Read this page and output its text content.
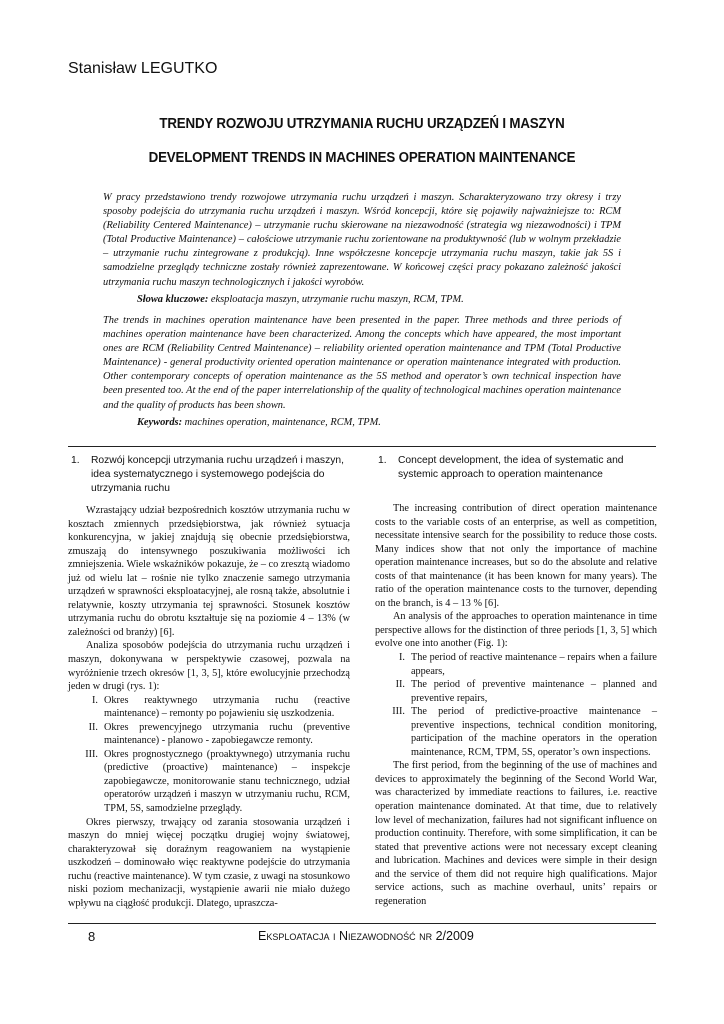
Stanisław LEGUTKO
TRENDY ROZWOJU UTRZYMANIA RUCHU URZĄDZEŃ I MASZYN
DEVELOPMENT TRENDS IN MACHINES OPERATION MAINTENANCE

W pracy przedstawiono trendy rozwojowe utrzymania ruchu urządzeń i maszyn. Scharakteryzowano trzy okresy i trzy sposoby podejścia do utrzymania ruchu urządzeń i maszyn. Wśród koncepcji, które się pojawiły najważniejsze to: RCM (Reliability Centered Maintenance) – utrzymanie ruchu skierowane na niezawodność (strategia wg niezawodności) i TPM (Total Productive Maintenance) – całościowe utrzymanie ruchu zorientowane na produktywność (lub w wolnym przekładzie – utrzymanie ruchu zintegrowane z produkcją). Inne współczesne koncepcje utrzymania ruchu maszyn, takie jak 5S i samodzielne przeglądy techniczne zostały również zaprezentowane. W końcowej części pracy pokazano zależność jakości utrzymania ruchu maszyn technologicznych i jakości wyrobów.

Słowa kluczowe: eksploatacja maszyn, utrzymanie ruchu maszyn, RCM, TPM.

The trends in machines operation maintenance have been presented in the paper. Three methods and three periods of machines operation maintenance have been characterized. Among the concepts which have appeared, the most important ones are RCM (Reliability Centred Maintenance) – reliability oriented operation maintenance and TPM (Total Productive Maintenance) - general productivity oriented operation maintenance or operation maintenance integrated with production. Other contemporary concepts of operation maintenance as the 5S method and operator’s own technical inspection have been presented too. At the end of the paper interrelationship of the quality of technological machines operation maintenance and the quality of products has been shown.

Keywords: machines operation, maintenance, RCM, TPM.

1.	Rozwój koncepcji utrzymania ruchu urządzeń i maszyn, idea systematycznego i systemowego podejścia do utrzymania ruchu

Wzrastający udział bezpośrednich kosztów utrzymania ruchu w kosztach zmiennych przedsiębiorstwa, jak również sytuacja konkurencyjna, w jakiej znajdują się obecnie przedsiębiorstwa, zmuszają do intensywnego poszukiwania możliwości ich zmniejszenia. Wiele wskaźników pokazuje, że – co zresztą wiadomo już od wielu lat – rośnie nie tylko znaczenie samego utrzymania urządzeń w sprawności eksploatacyjnej, ale rosną także, absolutnie i relatywnie, koszty utrzymania tej sprawności. Stosunek kosztów utrzymania ruchu do obrotu kształtuje się na poziomie 4 – 13% (w zależności od branży) [6].

Analiza sposobów podejścia do utrzymania ruchu urządzeń i maszyn, dokonywana w perspektywie czasowej, pozwala na wyróżnienie trzech okresów [1, 3, 5], które ewolucyjnie przechodzą jeden w drugi (rys. 1):

I. Okres reaktywnego utrzymania ruchu (reactive maintenance) – remonty po pojawieniu się uszkodzenia.
II. Okres prewencyjnego utrzymania ruchu (preventive maintenance) - planowo - zapobiegawcze remonty.
III. Okres prognostycznego (proaktywnego) utrzymania ruchu (predictive (proactive) maintenance) – inspekcje zapobiegawcze, monitorowanie stanu technicznego, udział operatorów urządzeń i maszyn w utrzymaniu ruchu, RCM, TPM, 5S, samodzielne przeglądy.

Okres pierwszy, trwający od zarania stosowania urządzeń i maszyn do mniej więcej początku drugiej wojny światowej, charakteryzował się doraźnym reagowaniem na wystąpienie uszkodzeń – dominowało więc reaktywne podejście do utrzymania ruchu (reactive maintenance). W tym czasie, z uwagi na stosunkowo niski poziom mechanizacji, wystąpienie awarii nie miało dużego wpływu na ciągłość produkcji. Dlatego, upraszcza-

1.	Concept development, the idea of systematic and systemic approach to operation maintenance

The increasing contribution of direct operation maintenance costs to the variable costs of an enterprise, as well as competition, necessitate intensive search for the possibility to reduce those costs. Many indices show that not only the importance of machine operation maintenance increases, but so do the absolute and relative costs of that maintenance (it has been known for many years). The ratio of the operation maintenance costs to the turnover, depending on the branch, is 4 – 13 % [6].

An analysis of the approaches to operation maintenance in time perspective allows for the distinction of three periods [1, 3, 5] which evolve one into another (Fig. 1):

I. The period of reactive maintenance – repairs when a failure appears,
II. The period of preventive maintenance – planned and preventive repairs,
III. The period of predictive-proactive maintenance – preventive inspections, technical condition monitoring, participation of the machine operators in the operation maintenance, RCM, TPM, 5S, operator’s own inspections.

The first period, from the beginning of the use of machines and devices to approximately the beginning of the Second World War, was characterized by immediate reactions to failures, i.e. reactive operation maintenance dominated. At that time, due to relatively low level of mechanization, failures had not significant influence on production continuity. Therefore, with some simplification, it can be stated that preventive actions were not necessary except cleaning and lubrication. Machines and devices were simple in their design and the service of them did not require high qualifications. Major service actions, such as machine overhaul, units’ repairs or regeneration

8	Eksploatacja i Niezawodność nr 2/2009
